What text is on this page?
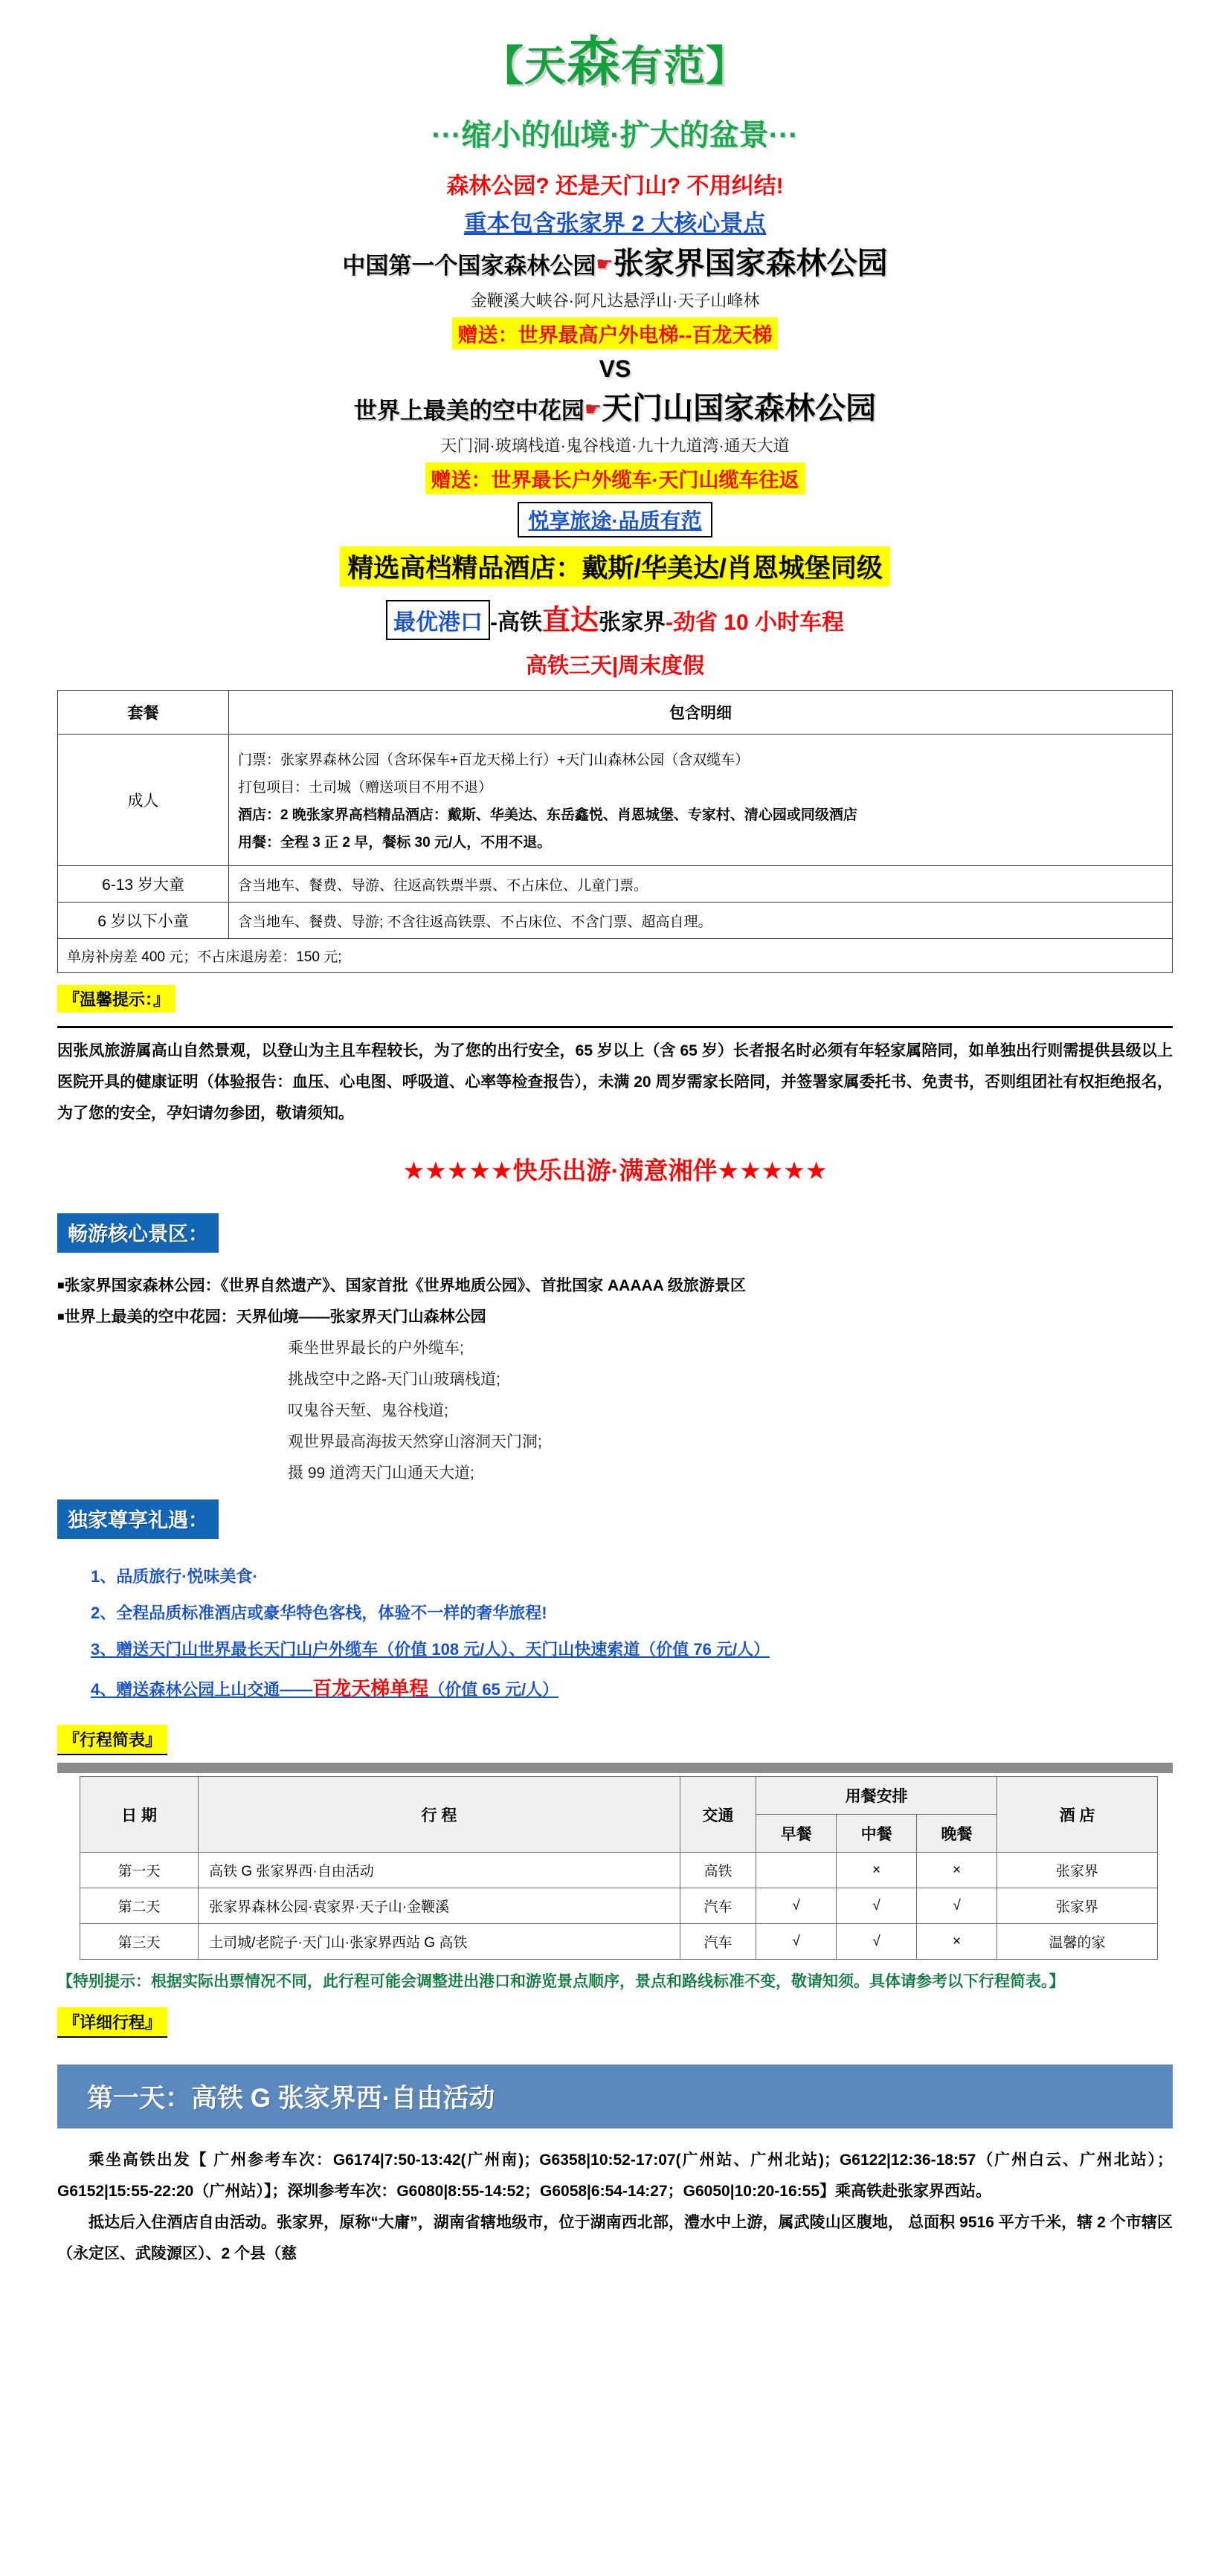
【天森有范】
···缩小的仙境·扩大的盆景···
森林公园? 还是天门山? 不用纠结!
重本包含张家界 2 大核心景点
中国第一个国家森林公园☛张家界国家森林公园
金鞭溪大峡谷·阿凡达悬浮山·天子山峰林
赠送：世界最高户外电梯--百龙天梯
VS
世界上最美的空中花园☛天门山国家森林公园
天门洞·玻璃栈道·鬼谷栈道·九十九道湾·通天大道
赠送：世界最长户外缆车·天门山缆车往返
悦享旅途·品质有范
精选高档精品酒店：戴斯/华美达/肖恩城堡同级
最优港口 -高铁直达张家界-劲省 10 小时车程
高铁三天|周末度假
套餐	包含明细
成人	门票：张家界森林公园（含环保车+百龙天梯上行）+天门山森林公园（含双缆车）
打包项目：土司城（赠送项目不用不退）
酒店：2 晚张家界高档精品酒店：戴斯、华美达、东岳鑫悦、肖恩城堡、专家村、清心园或同级酒店
用餐：全程 3 正 2 早，餐标 30 元/人，不用不退。

6-13 岁大童	含当地车、餐费、导游、往返高铁票半票、不占床位、儿童门票。
6 岁以下小童	含当地车、餐费、导游; 不含往返高铁票、不占床位、不含门票、超高自理。
单房补房差 400 元；不占床退房差：150 元;	
『温馨提示：』
因张凤旅游属高山自然景观，以登山为主且车程较长，为了您的出行安全，65 岁以上（含 65 岁）长者报名时必须有年轻家属陪同，如单独出行则需提供县级以上医院开具的健康证明（体验报告：血压、心电图、呼吸道、心率等检查报告），未满 20 周岁需家长陪同，并签署家属委托书、免责书，否则组团社有权拒绝报名，为了您的安全，孕妇请勿参团，敬请须知。
★★★★★快乐出游·满意湘伴★★★★★
畅游核心景区：
■张家界国家森林公园：《世界自然遗产》、国家首批《世界地质公园》、首批国家 AAAAA 级旅游景区
■世界上最美的空中花园：天界仙境——张家界天门山森林公园
乘坐世界最长的户外缆车;
挑战空中之路-天门山玻璃栈道;
叹鬼谷天堑、鬼谷栈道;
观世界最高海拔天然穿山溶洞天门洞;
摄 99 道湾天门山通天大道;
独家尊享礼遇：
1、品质旅行·悦味美食·
2、全程品质标准酒店或豪华特色客栈，体验不一样的奢华旅程!
3、赠送天门山世界最长天门山户外缆车（价值 108 元/人）、天门山快速索道（价值 76 元/人）
4、赠送森林公园上山交通——百龙天梯单程（价值 65 元/人）
『行程简表』
日 期	行 程	交通	用餐安排			酒 店
			早餐	中餐	晚餐	
第一天	高铁 G 张家界西·自由活动	高铁		×	×	张家界
第二天	张家界森林公园·袁家界·天子山·金鞭溪	汽车	√	√	√	张家界
第三天	土司城/老院子·天门山·张家界西站 G 高铁	汽车	√	√	×	温馨的家
【特别提示：根据实际出票情况不同，此行程可能会调整进出港口和游览景点顺序，景点和路线标准不变，敬请知须。具体请参考以下行程简表。】
『详细行程』
第一天：高铁 G 张家界西·自由活动
乘坐高铁出发【 广州参考车次：G6174|7:50-13:42(广州南)；G6358|10:52-17:07(广州站、广州北站)；G6122|12:36-18:57（广州白云、广州北站）；G6152|15:55-22:20（广州站）】；深圳参考车次：G6080|8:55-14:52；G6058|6:54-14:27；G6050|10:20-16:55】乘高铁赴张家界西站。
抵达后入住酒店自由活动。张家界，原称“大庸”，湖南省辖地级市，位于湖南西北部，澧水中上游，属武陵山区腹地， 总面积 9516 平方千米，辖 2 个市辖区（永定区、武陵源区）、2 个县（慈
